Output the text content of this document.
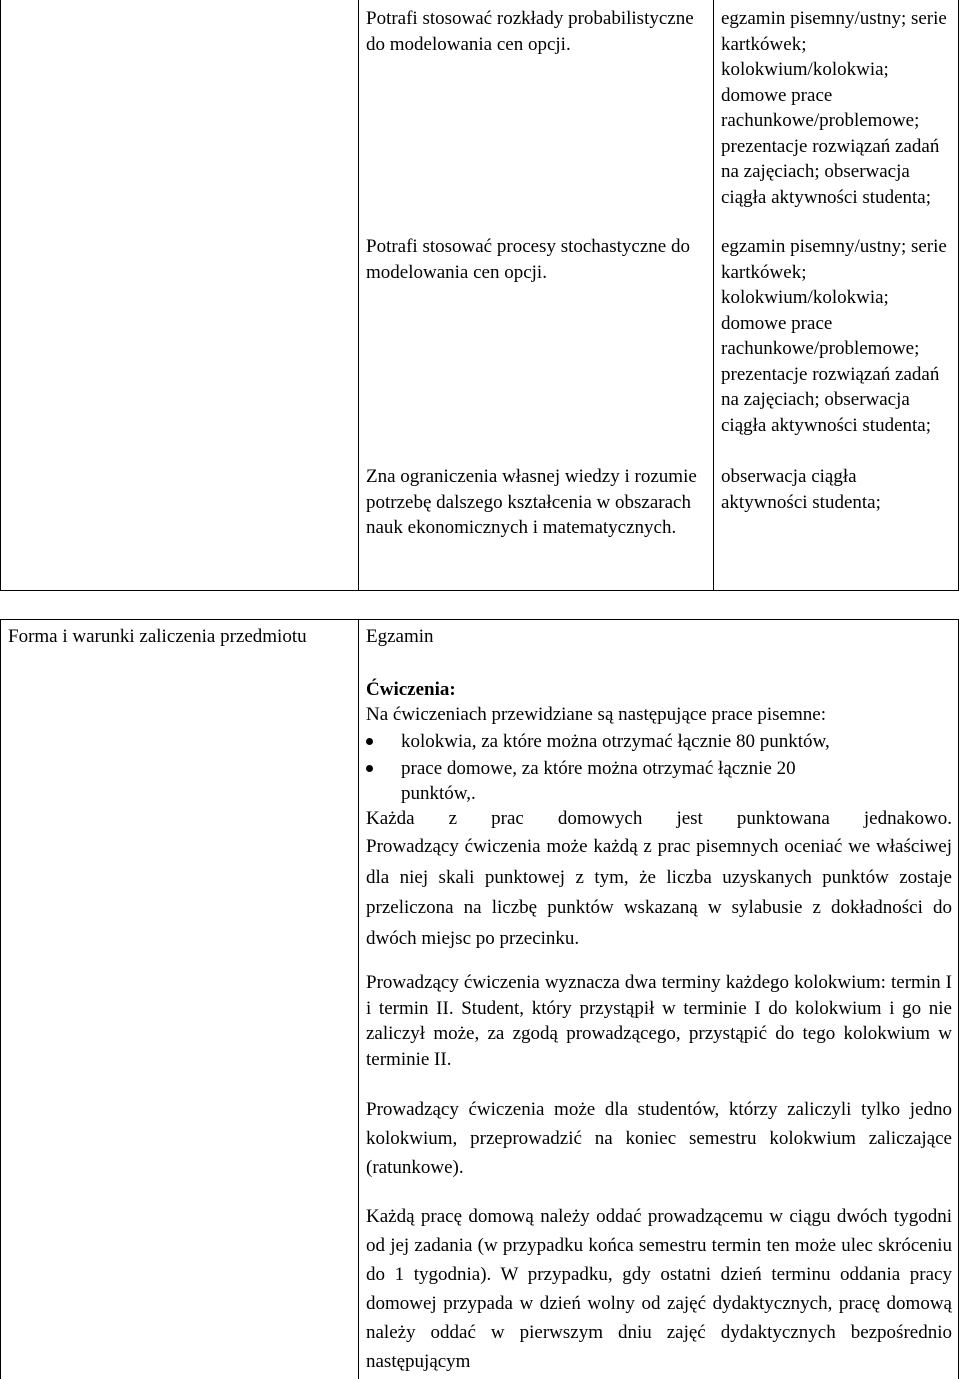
Potrafi stosować rozkłady probabilistyczne do modelowania cen opcji.
Potrafi stosować procesy stochastyczne do modelowania cen opcji.
Zna ograniczenia własnej wiedzy i rozumie potrzebę dalszego kształcenia w obszarach nauk ekonomicznych i matematycznych.
egzamin pisemny/ustny; serie kartkówek; kolokwium/kolokwia; domowe prace rachunkowe/problemowe; prezentacje rozwiązań zadań na zajęciach; obserwacja ciągła aktywności studenta;
egzamin pisemny/ustny; serie kartkówek; kolokwium/kolokwia; domowe prace rachunkowe/problemowe; prezentacje rozwiązań zadań na zajęciach; obserwacja ciągła aktywności studenta;
obserwacja ciągła aktywności studenta;
Forma i warunki zaliczenia przedmiotu	Egzamin
Ćwiczenia:
Na ćwiczeniach przewidziane są następujące prace pisemne:

kolokwia, za które można otrzymać łącznie 80 punktów,

prace domowe, za które można otrzymać łącznie 20 punktów,.

Każda z prac domowych jest punktowana jednakowo.
Prowadzący ćwiczenia może każdą z prac pisemnych oceniać we właściwej dla niej skali punktowej z tym, że liczba uzyskanych punktów zostaje przeliczona na liczbę punktów wskazaną w sylabusie z dokładności do dwóch miejsc po przecinku.
Prowadzący ćwiczenia wyznacza dwa terminy każdego kolokwium: termin I i termin II. Student, który przystąpił w terminie I do kolokwium i go nie zaliczył może, za zgodą prowadzącego, przystąpić do tego kolokwium w terminie II.
Prowadzący ćwiczenia może dla studentów, którzy zaliczyli tylko jedno kolokwium, przeprowadzić na koniec semestru kolokwium zaliczające (ratunkowe).
Każdą pracę domową należy oddać prowadzącemu w ciągu dwóch tygodni od jej zadania (w przypadku końca semestru termin ten może ulec skróceniu do 1 tygodnia). W przypadku, gdy ostatni dzień terminu oddania pracy domowej przypada w dzień wolny od zajęć dydaktycznych, pracę domową należy oddać w pierwszym dniu zajęć dydaktycznych bezpośrednio następującym
